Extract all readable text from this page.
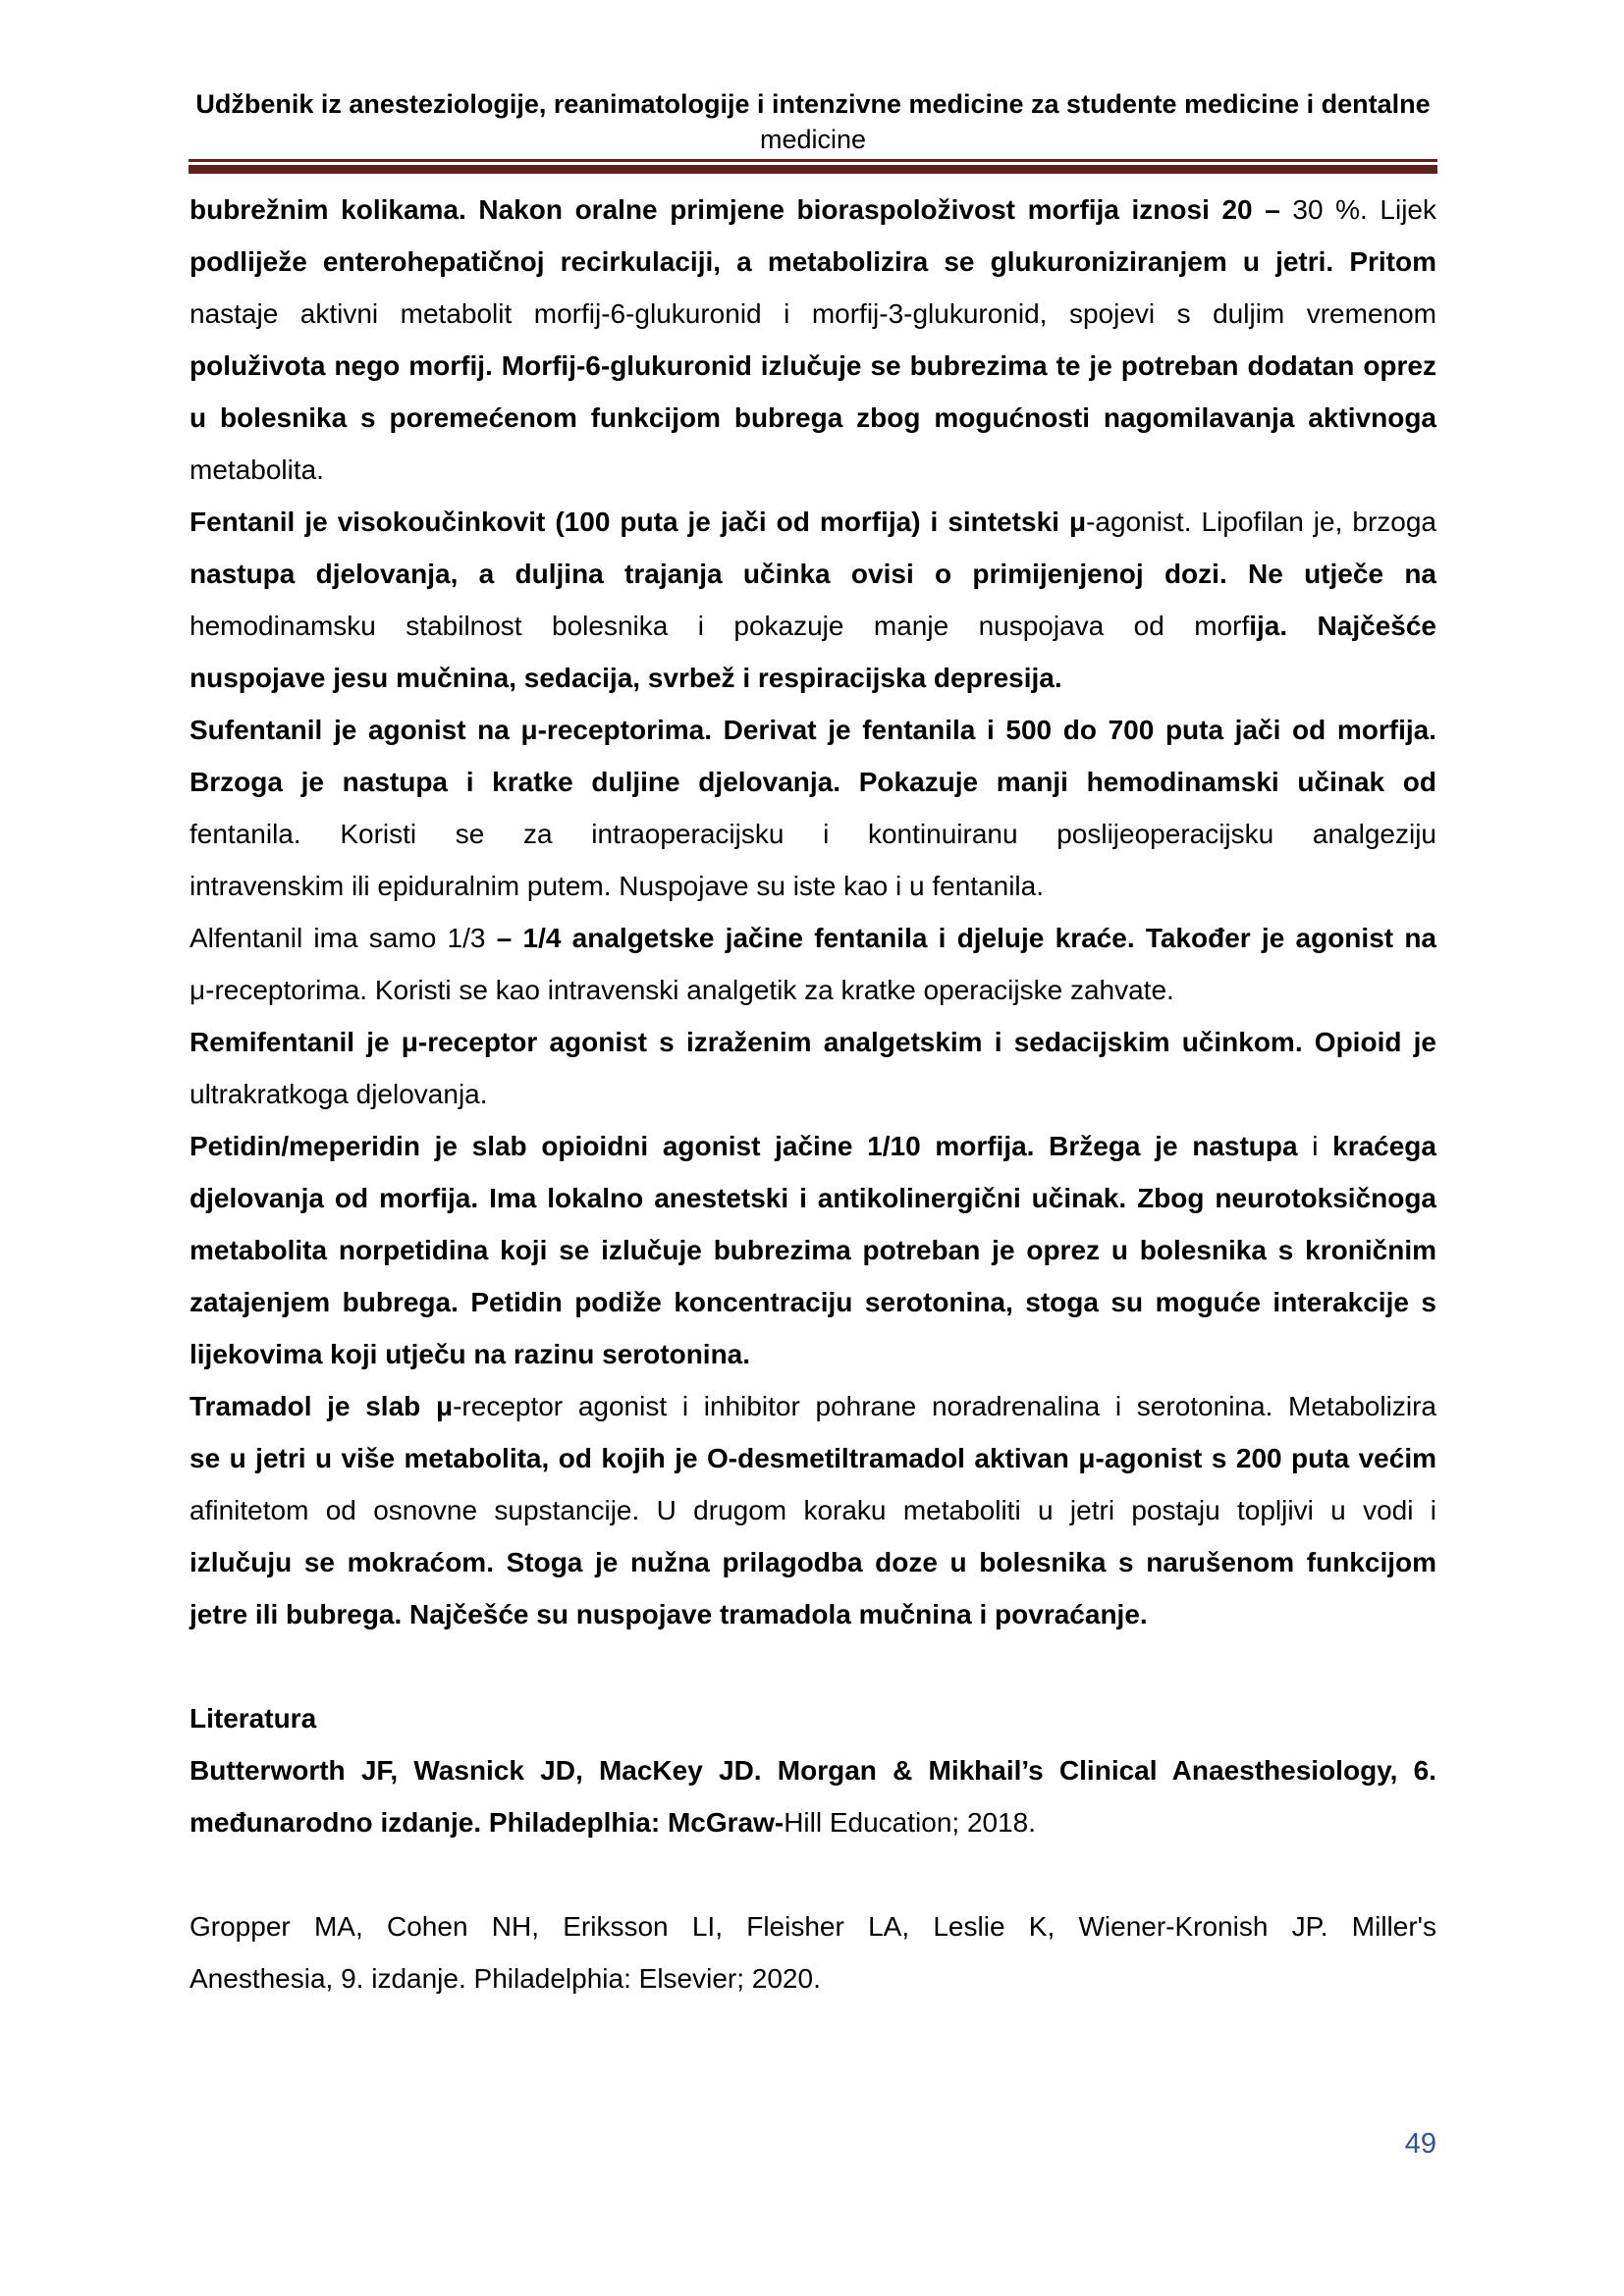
Udžbenik iz anesteziologije, reanimatologije i intenzivne medicine za studente medicine i dentalne
medicine
bubrežnim kolikama. Nakon oralne primjene bioraspoloživost morfija iznosi 20 – 30 %. Lijek
podliježe enterohepatičnoj recirkulaciji, a metabolizira se glukuroniziranjem u jetri. Pritom
nastaje aktivni metabolit morfij-6-glukuronid i morfij-3-glukuronid, spojevi s duljim vremenom
poluživota nego morfij. Morfij-6-glukuronid izlučuje se bubrezima te je potreban dodatan oprez
u bolesnika s poremećenom funkcijom bubrega zbog mogućnosti nagomilavanja aktivnoga
metabolita.
Fentanil je visokoučinkovit (100 puta je jači od morfija) i sintetski μ-agonist. Lipofilan je, brzoga
nastupa djelovanja, a duljina trajanja učinka ovisi o primijenjenoj dozi. Ne utječe na
hemodinamsku stabilnost bolesnika i pokazuje manje nuspojava od morfija. Najčešće
nuspojave jesu mučnina, sedacija, svrbež i respiracijska depresija.
Sufentanil je agonist na μ-receptorima. Derivat je fentanila i 500 do 700 puta jači od morfija.
Brzoga je nastupa i kratke duljine djelovanja. Pokazuje manji hemodinamski učinak od
fentanila. Koristi se za intraoperacijsku i kontinuiranu poslijeoperacijsku analgeziju
intravenskim ili epiduralnim putem. Nuspojave su iste kao i u fentanila.
Alfentanil ima samo 1/3 – 1/4 analgetske jačine fentanila i djeluje kraće. Također je agonist na
μ-receptorima. Koristi se kao intravenski analgetik za kratke operacijske zahvate.
Remifentanil je μ-receptor agonist s izraženim analgetskim i sedacijskim učinkom. Opioid je
ultrakratkoga djelovanja.
Petidin/meperidin je slab opioidni agonist jačine 1/10 morfija. Bržega je nastupa i kraćega
djelovanja od morfija. Ima lokalno anestetski i antikolinergični učinak. Zbog neurotoksičnoga
metabolita norpetidina koji se izlučuje bubrezima potreban je oprez u bolesnika s kroničnim
zatajenjem bubrega. Petidin podiže koncentraciju serotonina, stoga su moguće interakcije s
lijekovima koji utječu na razinu serotonina.
Tramadol je slab μ-receptor agonist i inhibitor pohrane noradrenalina i serotonina. Metabolizira
se u jetri u više metabolita, od kojih je O-desmetiltramadol aktivan μ-agonist s 200 puta većim
afinitetom od osnovne supstancije. U drugom koraku metaboliti u jetri postaju topljivi u vodi i
izlučuju se mokraćom. Stoga je nužna prilagodba doze u bolesnika s narušenom funkcijom
jetre ili bubrega. Najčešće su nuspojave tramadola mučnina i povraćanje.
Literatura
Butterworth JF, Wasnick JD, MacKey JD. Morgan & Mikhail’s Clinical Anaesthesiology, 6.
međunarodno izdanje. Philadeplhia: McGraw-Hill Education; 2018.
Gropper MA, Cohen NH, Eriksson LI, Fleisher LA, Leslie K, Wiener-Kronish JP. Miller's
Anesthesia, 9. izdanje. Philadelphia: Elsevier; 2020.
49
